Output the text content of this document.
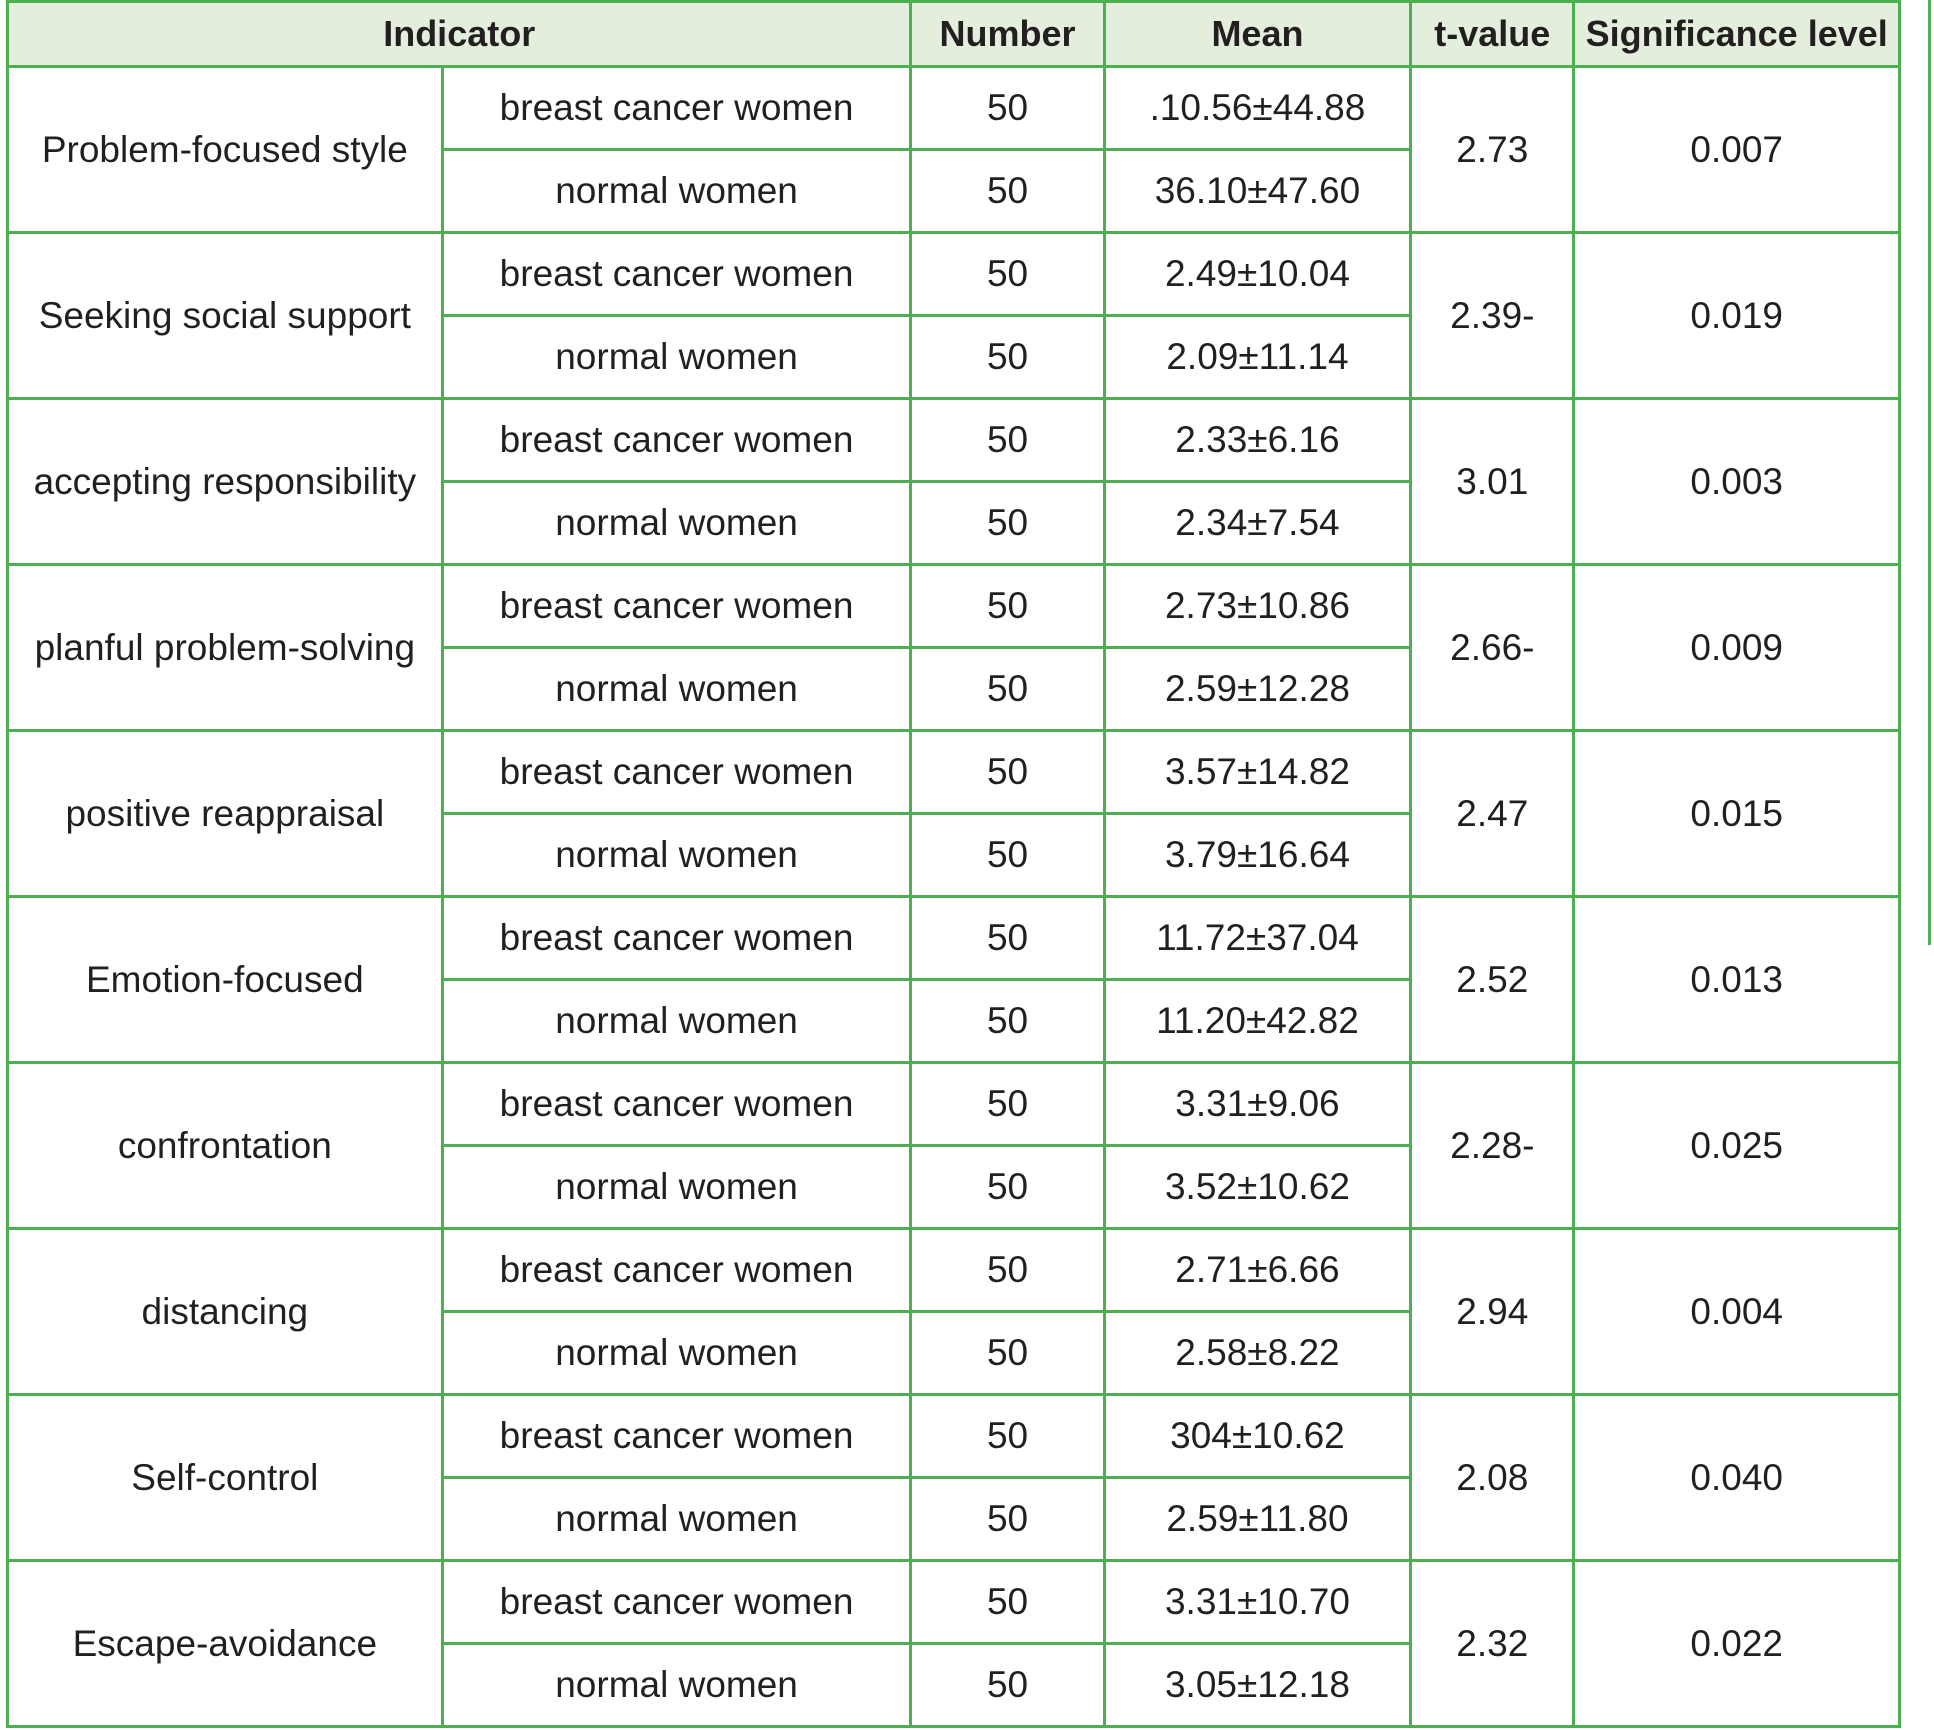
Indicator		Number	Mean	t-value	Significance level
Problem-focused style	breast cancer women	50	.10.56±44.88	2.73	0.007
	normal women	50	36.10±47.60		
Seeking social support	breast cancer women	50	2.49±10.04	2.39-	0.019
	normal women	50	2.09±11.14		
accepting responsibility	breast cancer women	50	2.33±6.16	3.01	0.003
	normal women	50	2.34±7.54		
planful problem-solving	breast cancer women	50	2.73±10.86	2.66-	0.009
	normal women	50	2.59±12.28		
positive reappraisal	breast cancer women	50	3.57±14.82	2.47	0.015
	normal women	50	3.79±16.64		
Emotion-focused	breast cancer women	50	11.72±37.04	2.52	0.013
	normal women	50	11.20±42.82		
confrontation	breast cancer women	50	3.31±9.06	2.28-	0.025
	normal women	50	3.52±10.62		
distancing	breast cancer women	50	2.71±6.66	2.94	0.004
	normal women	50	2.58±8.22		
Self-control	breast cancer women	50	304±10.62	2.08	0.040
	normal women	50	2.59±11.80		
Escape-avoidance	breast cancer women	50	3.31±10.70	2.32	0.022
	normal women	50	3.05±12.18		
